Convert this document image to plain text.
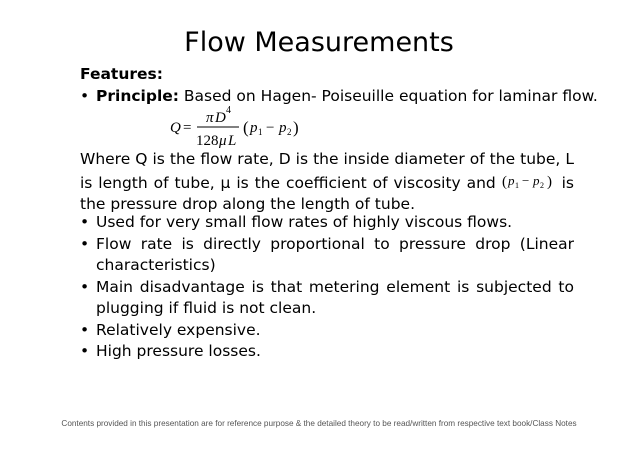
Flow Measurements
Features:
• Principle: Based on Hagen- Poiseuille equation for laminar flow.
Q =
π D 4
128 μ L
( p 1 − p 2 )
Where Q is the flow rate, D is the inside diameter of the tube, L is length of tube, μ is the coefficient of viscosity and ( p 1 − p 2 ) is the pressure drop along the length of tube.
• Used for very small flow rates of highly viscous flows.
• Flow rate is directly proportional to pressure drop (Linear characteristics)
• Main disadvantage is that metering element is subjected to plugging if fluid is not clean.
• Relatively expensive.
• High pressure losses.
Contents provided in this presentation are for reference purpose & the detailed theory to be read/written from respective text book/Class Notes
